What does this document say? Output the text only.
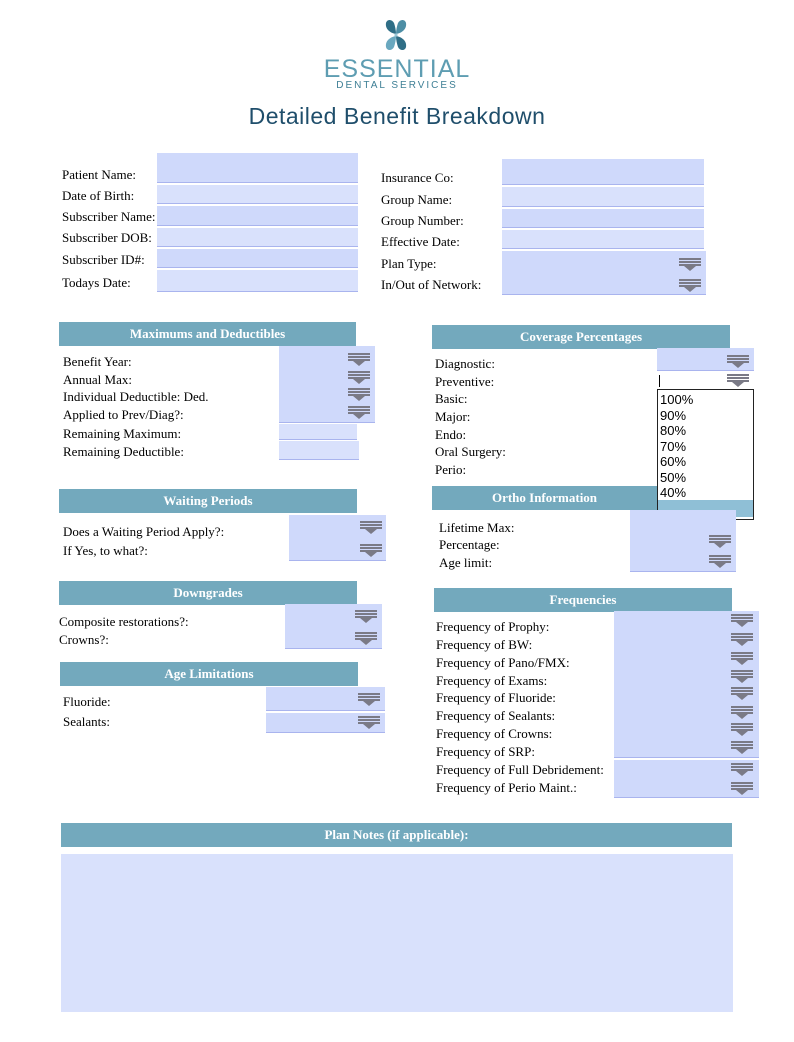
ESSENTIAL
DENTAL SERVICES
Detailed Benefit Breakdown
Patient Name:
Date of Birth:
Subscriber Name:
Subscriber DOB:
Subscriber ID#:
Todays Date:
Insurance Co:
Group Name:
Group Number:
Effective Date:
Plan Type:
In/Out of Network:
Maximums and Deductibles
Benefit Year:
Annual Max:
Individual Deductible: Ded.
Applied to Prev/Diag?:
Remaining Maximum:
Remaining Deductible:
Coverage Percentages
Diagnostic:
Preventive:
Basic:
Major:
Endo:
Oral Surgery:
Perio:
100%
90%
80%
70%
60%
50%
40%
Waiting Periods
Does a Waiting Period Apply?:
If Yes, to what?:
Ortho Information
Lifetime Max:
Percentage:
Age limit:
Downgrades
Composite restorations?:
Crowns?:
Frequencies
Frequency of Prophy:
Frequency of BW:
Frequency of Pano/FMX:
Frequency of Exams:
Frequency of Fluoride:
Frequency of Sealants:
Frequency of Crowns:
Frequency of SRP:
Frequency of Full Debridement:
Frequency of Perio Maint.:
Age Limitations
Fluoride:
Sealants:
Plan Notes (if applicable):
